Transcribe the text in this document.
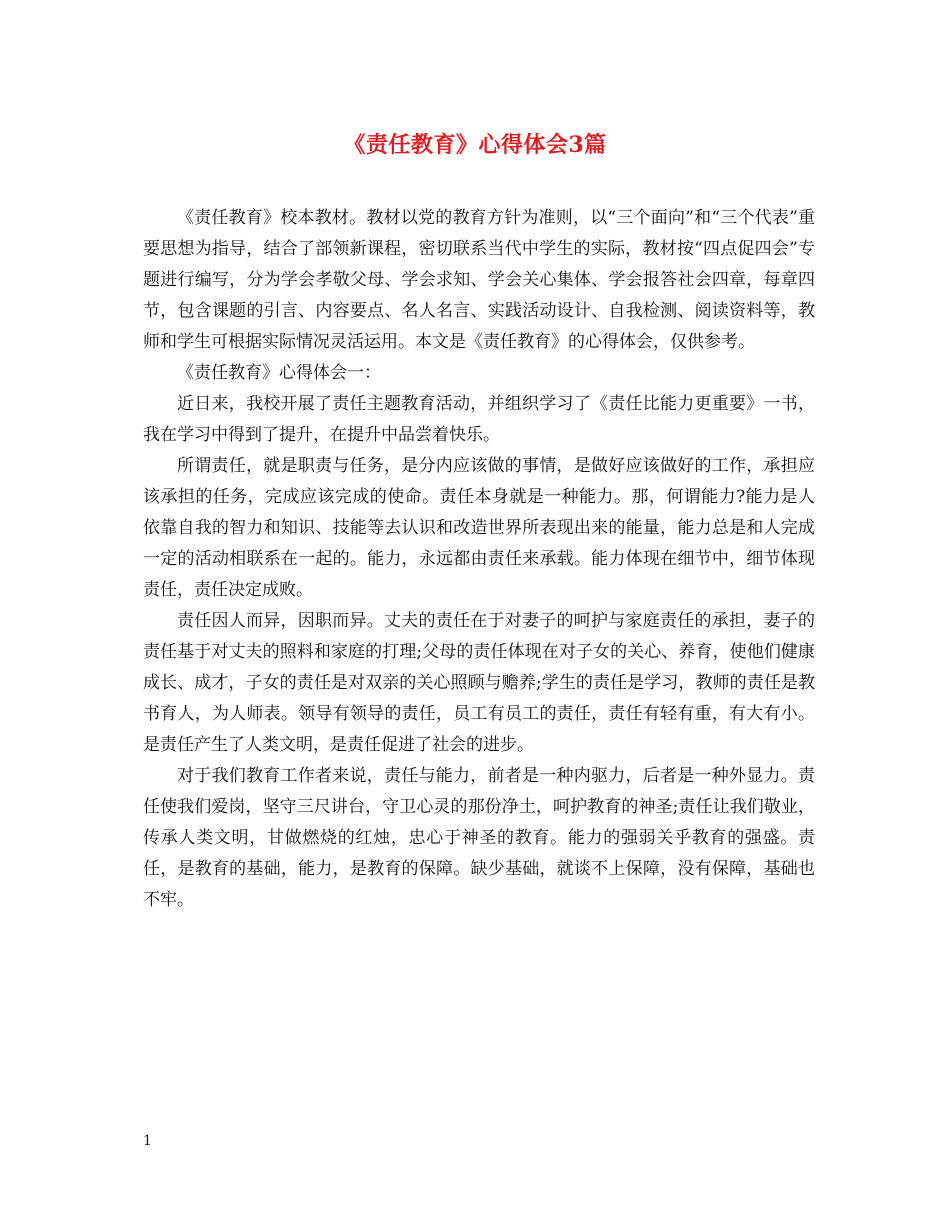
《责任教育》心得体会3篇

《责任教育》校本教材。教材以党的教育方针为准则，以“三个面向”和“三个代表”重要思想为指导，结合了部领新课程，密切联系当代中学生的实际，教材按“四点促四会”专题进行编写，分为学会孝敬父母、学会求知、学会关心集体、学会报答社会四章，每章四节，包含课题的引言、内容要点、名人名言、实践活动设计、自我检测、阅读资料等，教师和学生可根据实际情况灵活运用。本文是《责任教育》的心得体会，仅供参考。

《责任教育》心得体会一：

近日来，我校开展了责任主题教育活动，并组织学习了《责任比能力更重要》一书，我在学习中得到了提升，在提升中品尝着快乐。

所谓责任，就是职责与任务，是分内应该做的事情，是做好应该做好的工作，承担应该承担的任务，完成应该完成的使命。责任本身就是一种能力。那，何谓能力?能力是人依靠自我的智力和知识、技能等去认识和改造世界所表现出来的能量，能力总是和人完成一定的活动相联系在一起的。能力，永远都由责任来承载。能力体现在细节中，细节体现责任，责任决定成败。

责任因人而异，因职而异。丈夫的责任在于对妻子的呵护与家庭责任的承担，妻子的责任基于对丈夫的照料和家庭的打理;父母的责任体现在对子女的关心、养育，使他们健康成长、成才，子女的责任是对双亲的关心照顾与赡养;学生的责任是学习，教师的责任是教书育人，为人师表。领导有领导的责任，员工有员工的责任，责任有轻有重，有大有小。是责任产生了人类文明，是责任促进了社会的进步。

对于我们教育工作者来说，责任与能力，前者是一种内驱力，后者是一种外显力。责任使我们爱岗，坚守三尺讲台，守卫心灵的那份净土，呵护教育的神圣;责任让我们敬业，传承人类文明，甘做燃烧的红烛，忠心于神圣的教育。能力的强弱关乎教育的强盛。责任，是教育的基础，能力，是教育的保障。缺少基础，就谈不上保障，没有保障，基础也不牢。

1
